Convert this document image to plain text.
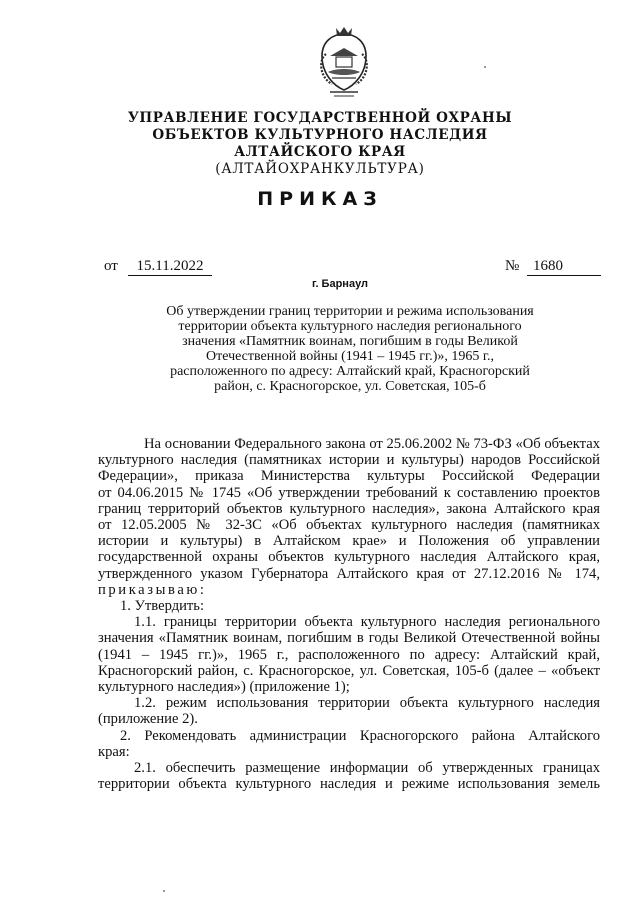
УПРАВЛЕНИЕ ГОСУДАРСТВЕННОЙ ОХРАНЫ
ОБЪЕКТОВ КУЛЬТУРНОГО НАСЛЕДИЯ
АЛТАЙСКОГО КРАЯ
(АЛТАЙОХРАНКУЛЬТУРА)
ПРИКАЗ
от	15.11.2022	№ 1680
г. Барнаул
Об утверждении границ территории и режима использования
территории объекта культурного наследия регионального
значения «Памятник воинам, погибшим в годы Великой
Отечественной войны (1941 – 1945 гг.)», 1965 г.,
расположенного по адресу: Алтайский край, Красногорский
район, с. Красногорское, ул. Советская, 105-б
На основании Федерального закона от 25.06.2002 № 73-ФЗ «Об объектах
культурного наследия (памятниках истории и культуры) народов Российской
Федерации», приказа Министерства культуры Российской Федерации
от 04.06.2015 № 1745 «Об утверждении требований к составлению проектов
границ территорий объектов культурного наследия», закона Алтайского края
от 12.05.2005 № 32-ЗС «Об объектах культурного наследия (памятниках
истории и культуры) в Алтайском крае» и Положения об управлении
государственной охраны объектов культурного наследия Алтайского края,
утвержденного указом Губернатора Алтайского края от 27.12.2016 № 174,
приказываю:
1. Утвердить:
1.1. границы территории объекта культурного наследия регионального
значения «Памятник воинам, погибшим в годы Великой Отечественной войны
(1941 – 1945 гг.)», 1965 г., расположенного по адресу: Алтайский край,
Красногорский район, с. Красногорское, ул. Советская, 105-б (далее – «объект
культурного наследия») (приложение 1);
1.2. режим использования территории объекта культурного наследия
(приложение 2).
2. Рекомендовать администрации Красногорского района Алтайского
края:
2.1. обеспечить размещение информации об утвержденных границах
территории объекта культурного наследия и режиме использования земель
